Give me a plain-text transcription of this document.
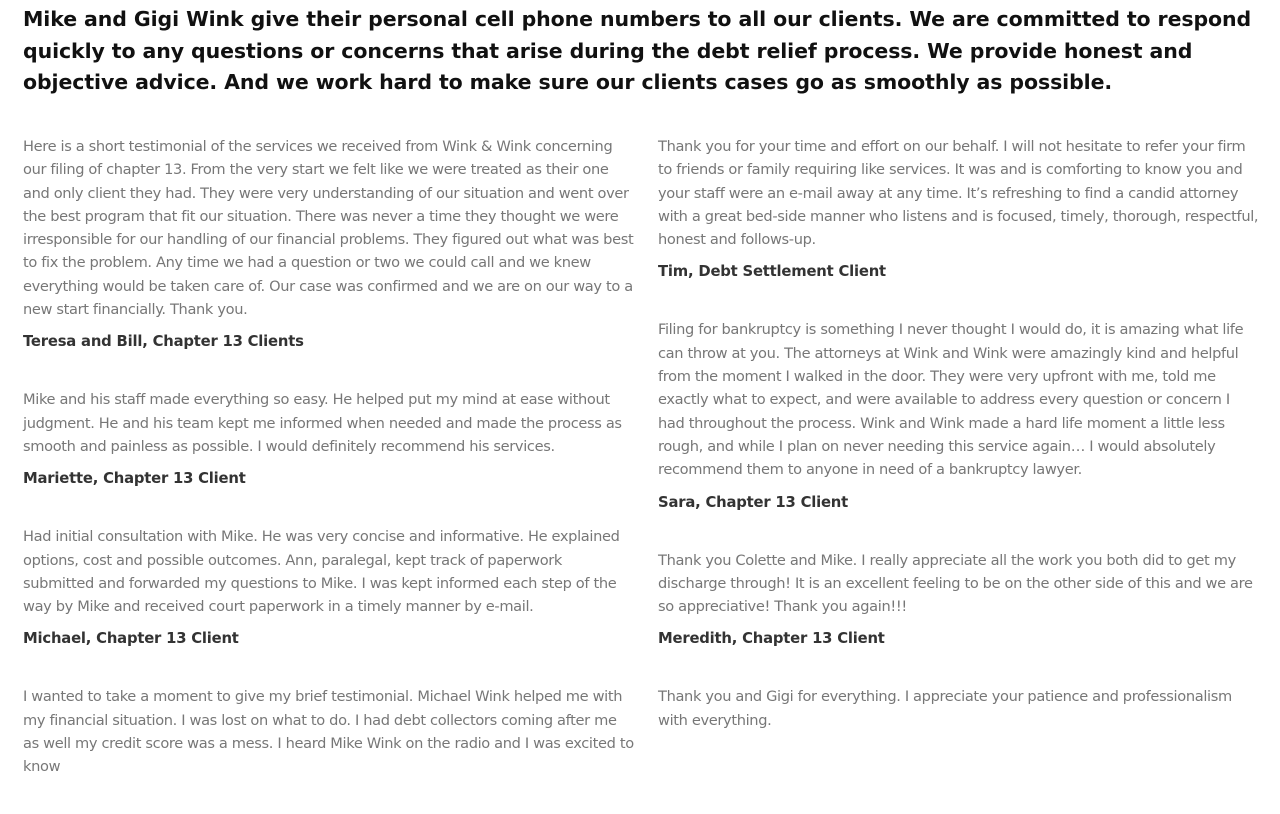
Mike and Gigi Wink give their personal cell phone numbers to all our clients. We are committed to respond quickly to any questions or concerns that arise during the debt relief process. We provide honest and objective advice. And we work hard to make sure our clients cases go as smoothly as possible.

Here is a short testimonial of the services we received from Wink & Wink concerning our filing of chapter 13. From the very start we felt like we were treated as their one and only client they had. They were very understanding of our situation and went over the best program that fit our situation. There was never a time they thought we were irresponsible for our handling of our financial problems. They figured out what was best to fix the problem. Any time we had a question or two we could call and we knew everything would be taken care of. Our case was confirmed and we are on our way to a new start financially. Thank you.

Teresa and Bill, Chapter 13 Clients

Mike and his staff made everything so easy. He helped put my mind at ease without judgment. He and his team kept me informed when needed and made the process as smooth and painless as possible. I would definitely recommend his services.

Mariette, Chapter 13 Client

Had initial consultation with Mike. He was very concise and informative. He explained options, cost and possible outcomes. Ann, paralegal, kept track of paperwork submitted and forwarded my questions to Mike. I was kept informed each step of the way by Mike and received court paperwork in a timely manner by e-mail.

Michael, Chapter 13 Client

I wanted to take a moment to give my brief testimonial. Michael Wink helped me with my financial situation. I was lost on what to do. I had debt collectors coming after me as well my credit score was a mess. I heard Mike Wink on the radio and I was excited to know

Thank you for your time and effort on our behalf. I will not hesitate to refer your firm to friends or family requiring like services. It was and is comforting to know you and your staff were an e-mail away at any time. It’s refreshing to find a candid attorney with a great bed-side manner who listens and is focused, timely, thorough, respectful, honest and follows-up.

Tim, Debt Settlement Client

Filing for bankruptcy is something I never thought I would do, it is amazing what life can throw at you. The attorneys at Wink and Wink were amazingly kind and helpful from the moment I walked in the door. They were very upfront with me, told me exactly what to expect, and were available to address every question or concern I had throughout the process. Wink and Wink made a hard life moment a little less rough, and while I plan on never needing this service again… I would absolutely recommend them to anyone in need of a bankruptcy lawyer.

Sara, Chapter 13 Client

Thank you Colette and Mike. I really appreciate all the work you both did to get my discharge through! It is an excellent feeling to be on the other side of this and we are so appreciative! Thank you again!!!

Meredith, Chapter 13 Client

Thank you and Gigi for everything. I appreciate your patience and professionalism with everything.
